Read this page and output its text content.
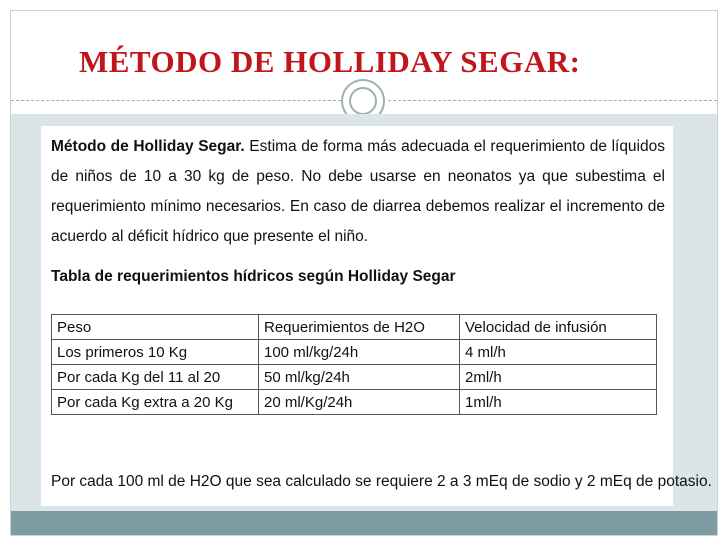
MÉTODO DE HOLLIDAY SEGAR:

Método de Holliday Segar. Estima de forma más adecuada el requerimiento de líquidos de niños de 10 a 30 kg de peso. No debe usarse en neonatos ya que subestima el requerimiento mínimo necesarios. En caso de diarrea debemos realizar el incremento de acuerdo al déficit hídrico que presente el niño.

Tabla de requerimientos hídricos según Holliday Segar

Peso	Requerimientos de H2O	Velocidad de infusión
Los primeros 10 Kg	100 ml/kg/24h	4 ml/h
Por cada Kg del 11 al 20	50 ml/kg/24h	2ml/h
Por cada Kg extra a 20 Kg	20 ml/Kg/24h	1ml/h

Por cada 100 ml de H2O que sea calculado se requiere 2 a 3 mEq de sodio y 2 mEq de potasio.
